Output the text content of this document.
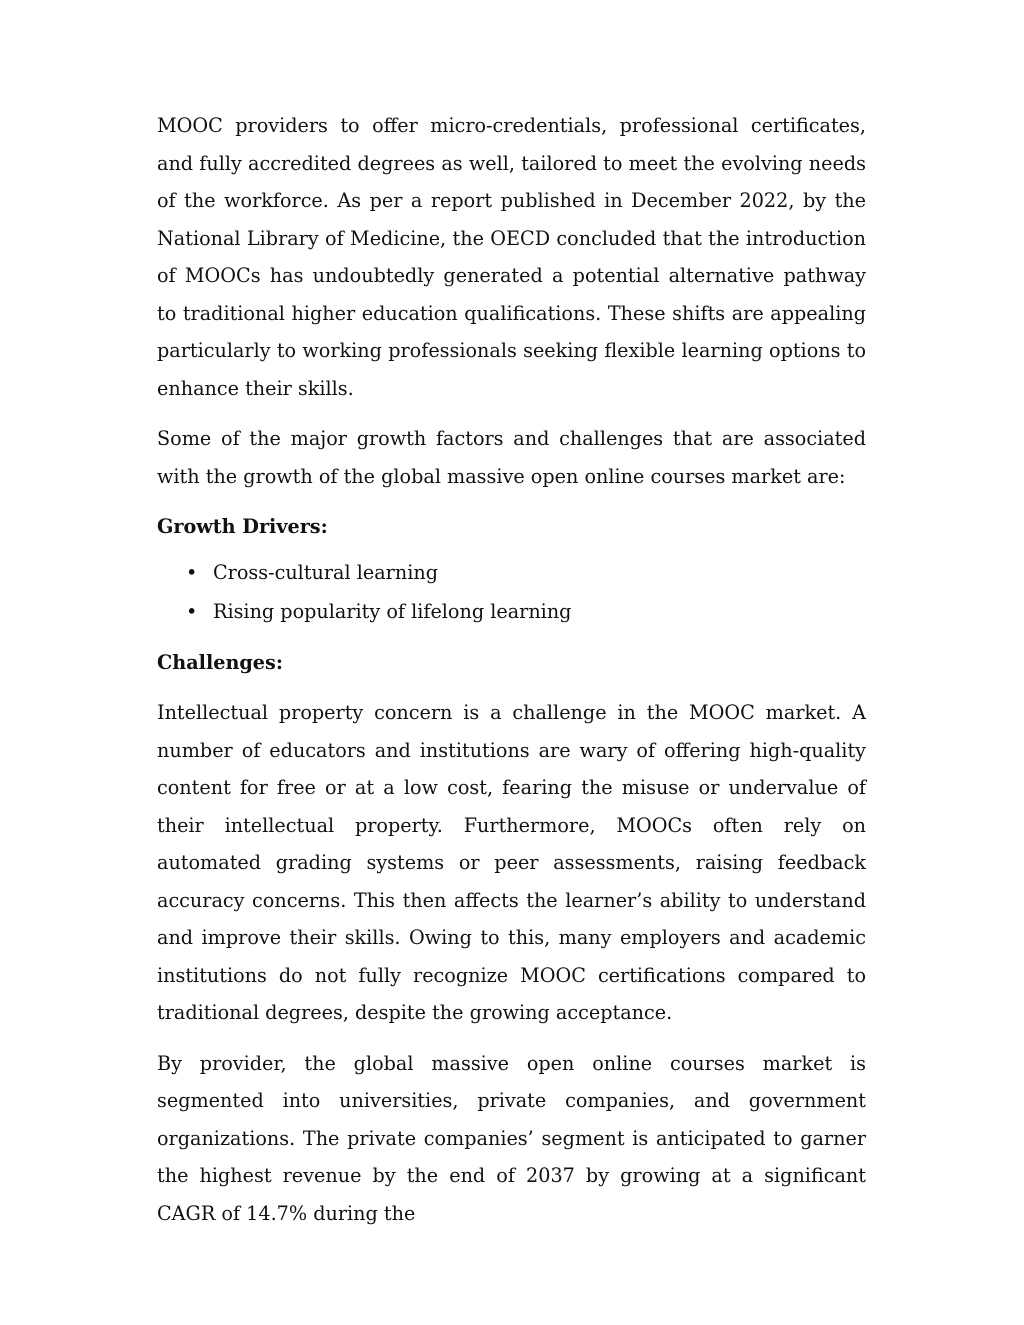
MOOC providers to offer micro-credentials, professional certificates, and fully accredited degrees as well, tailored to meet the evolving needs of the workforce. As per a report published in December 2022, by the National Library of Medicine, the OECD concluded that the introduction of MOOCs has undoubtedly generated a potential alternative pathway to traditional higher education qualifications. These shifts are appealing particularly to working professionals seeking flexible learning options to enhance their skills.

Some of the major growth factors and challenges that are associated with the growth of the global massive open online courses market are:

Growth Drivers:

• Cross-cultural learning
• Rising popularity of lifelong learning

Challenges:

Intellectual property concern is a challenge in the MOOC market. A number of educators and institutions are wary of offering high-quality content for free or at a low cost, fearing the misuse or undervalue of their intellectual property. Furthermore, MOOCs often rely on automated grading systems or peer assessments, raising feedback accuracy concerns. This then affects the learner’s ability to understand and improve their skills. Owing to this, many employers and academic institutions do not fully recognize MOOC certifications compared to traditional degrees, despite the growing acceptance.

By provider, the global massive open online courses market is segmented into universities, private companies, and government organizations. The private companies’ segment is anticipated to garner the highest revenue by the end of 2037 by growing at a significant CAGR of 14.7% during the
